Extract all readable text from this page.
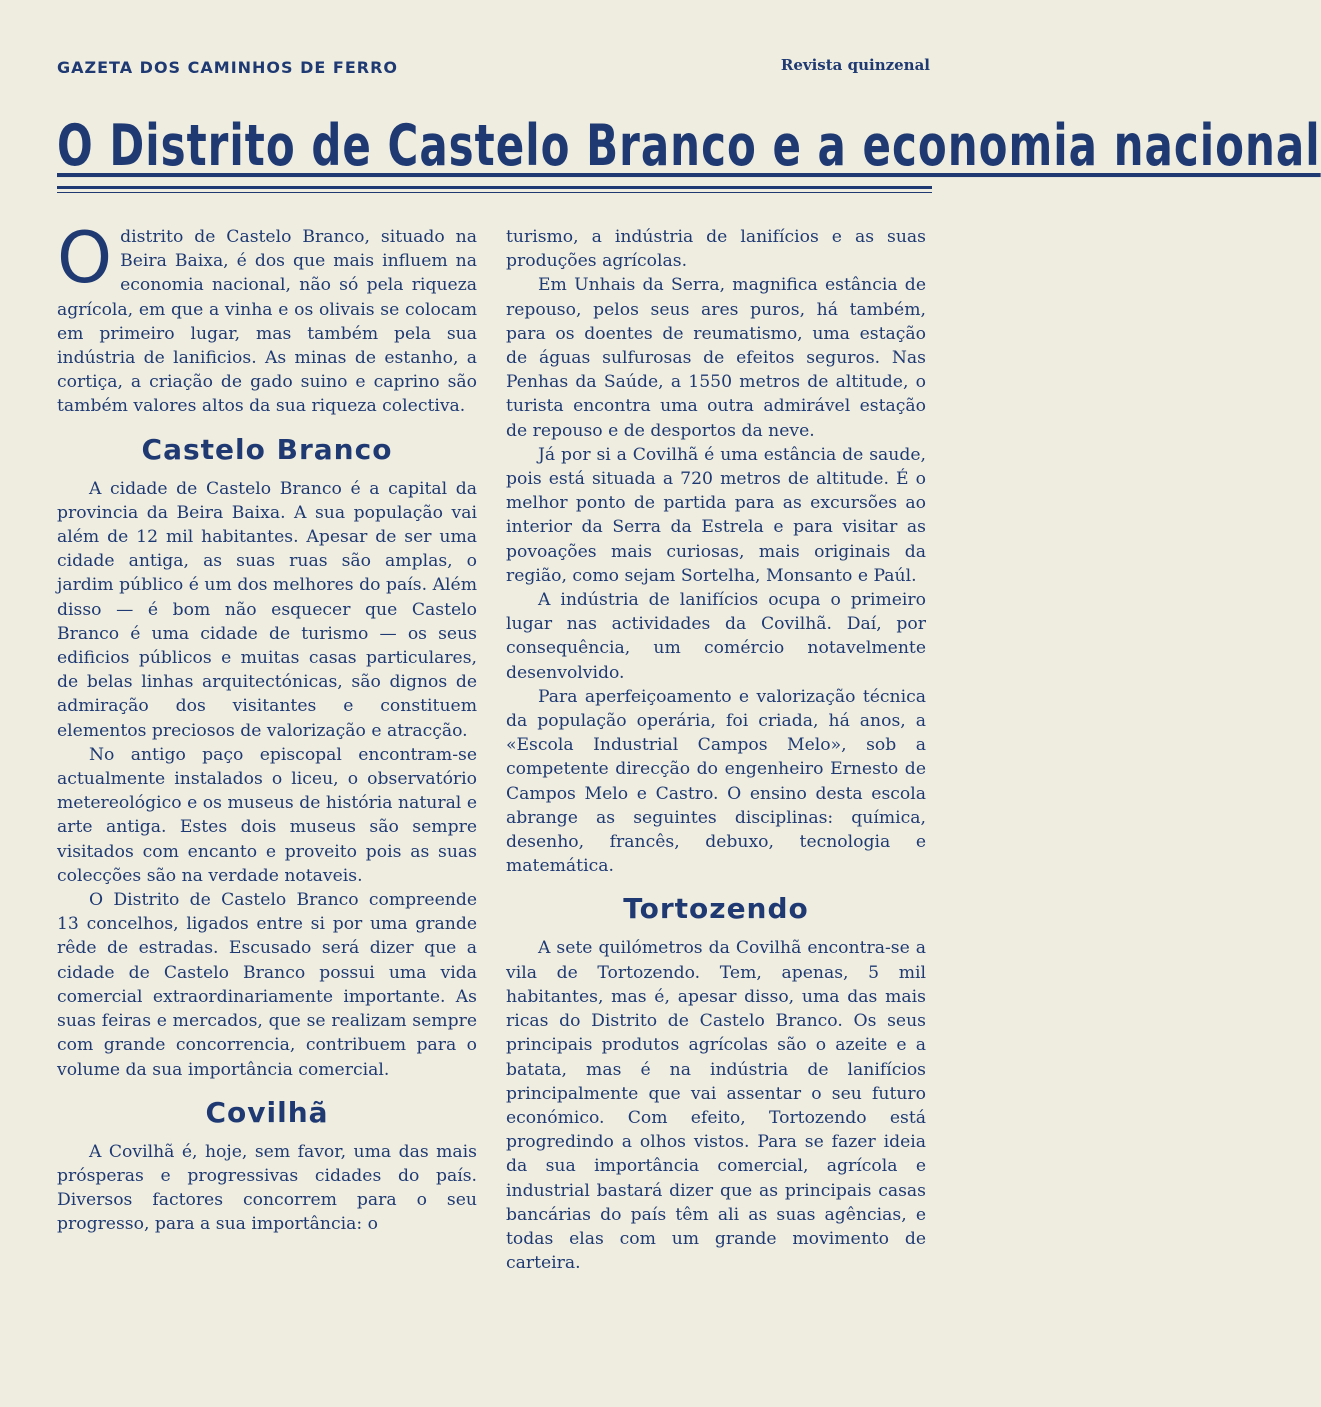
GAZETA DOS CAMINHOS DE FERRO	Revista quinzenal
O Distrito de Castelo Branco e a economia nacional

Odistrito de Castelo Branco, situado na Beira Baixa, é dos que mais influem na economia nacional, não só pela riqueza agrícola, em que a vinha e os olivais se colocam em primeiro lugar, mas também pela sua indústria de lanificios. As minas de estanho, a cortiça, a criação de gado suino e caprino são também valores altos da sua riqueza colectiva.

Castelo Branco

A cidade de Castelo Branco é a capital da provincia da Beira Baixa. A sua população vai além de 12 mil habitantes. Apesar de ser uma cidade antiga, as suas ruas são amplas, o jardim público é um dos melhores do país. Além disso — é bom não esquecer que Castelo Branco é uma cidade de turismo — os seus edificios públicos e muitas casas particulares, de belas linhas arquitectónicas, são dignos de admiração dos visitantes e constituem elementos preciosos de valorização e atracção.

No antigo paço episcopal encontram-se actualmente instalados o liceu, o observatório metereológico e os museus de história natural e arte antiga. Estes dois museus são sempre visitados com encanto e proveito pois as suas colecções são na verdade notaveis.

O Distrito de Castelo Branco compreende 13 concelhos, ligados entre si por uma grande rêde de estradas. Escusado será dizer que a cidade de Castelo Branco possui uma vida comercial extraordinariamente importante. As suas feiras e mercados, que se realizam sempre com grande concorrencia, contribuem para o volume da sua importância comercial.

Covilhã

A Covilhã é, hoje, sem favor, uma das mais prósperas e progressivas cidades do país. Diversos factores concorrem para o seu progresso, para a sua importância: o

turismo, a indústria de lanifícios e as suas produções agrícolas.

Em Unhais da Serra, magnifica estância de repouso, pelos seus ares puros, há também, para os doentes de reumatismo, uma estação de águas sulfurosas de efeitos seguros. Nas Penhas da Saúde, a 1550 metros de altitude, o turista encontra uma outra admirável estação de repouso e de desportos da neve.

Já por si a Covilhã é uma estância de saude, pois está situada a 720 metros de altitude. É o melhor ponto de partida para as excursões ao interior da Serra da Estrela e para visitar as povoações mais curiosas, mais originais da região, como sejam Sortelha, Monsanto e Paúl.

A indústria de lanifícios ocupa o primeiro lugar nas actividades da Covilhã. Daí, por consequência, um comércio notavelmente desenvolvido.

Para aperfeiçoamento e valorização técnica da população operária, foi criada, há anos, a «Escola Industrial Campos Melo», sob a competente direcção do engenheiro Ernesto de Campos Melo e Castro. O ensino desta escola abrange as seguintes disciplinas: química, desenho, francês, debuxo, tecnologia e matemática.

Tortozendo

A sete quilómetros da Covilhã encontra-se a vila de Tortozendo. Tem, apenas, 5 mil habitantes, mas é, apesar disso, uma das mais ricas do Distrito de Castelo Branco. Os seus principais produtos agrícolas são o azeite e a batata, mas é na indústria de lanifícios principalmente que vai assentar o seu futuro económico. Com efeito, Tortozendo está progredindo a olhos vistos. Para se fazer ideia da sua importância comercial, agrícola e industrial bastará dizer que as principais casas bancárias do país têm ali as suas agências, e todas elas com um grande movimento de carteira.
